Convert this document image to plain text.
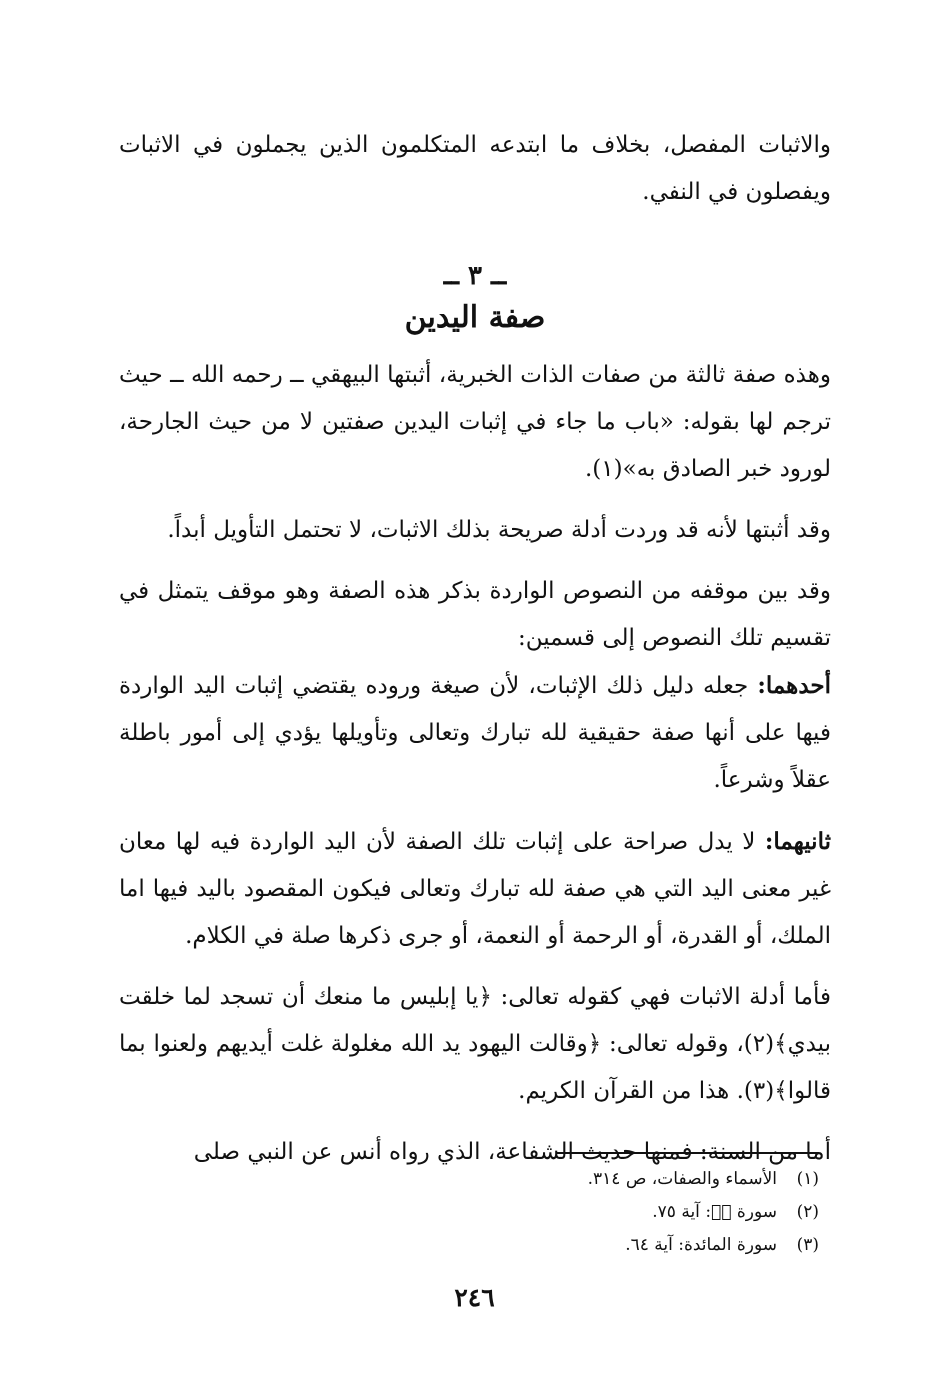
والاثبات المفصل، بخلاف ما ابتدعه المتكلمون الذين يجملون في الاثبات ويفصلون في النفي.

ــ ٣ ــ
صفة اليدين

وهذه صفة ثالثة من صفات الذات الخبرية، أثبتها البيهقي ــ رحمه الله ــ حيث ترجم لها بقوله: «باب ما جاء في إثبات اليدين صفتين لا من حيث الجارحة، لورود خبر الصادق به»(١).

وقد أثبتها لأنه قد وردت أدلة صريحة بذلك الاثبات، لا تحتمل التأويل أبداً.

وقد بين موقفه من النصوص الواردة بذكر هذه الصفة وهو موقف يتمثل في تقسيم تلك النصوص إلى قسمين:

أحدهما: جعله دليل ذلك الإثبات، لأن صيغة وروده يقتضي إثبات اليد الواردة فيها على أنها صفة حقيقية لله تبارك وتعالى وتأويلها يؤدي إلى أمور باطلة عقلاً وشرعاً.

ثانيهما: لا يدل صراحة على إثبات تلك الصفة لأن اليد الواردة فيه لها معان غير معنى اليد التي هي صفة لله تبارك وتعالى فيكون المقصود باليد فيها اما الملك، أو القدرة، أو الرحمة أو النعمة، أو جرى ذكرها صلة في الكلام.

فأما أدلة الاثبات فهي كقوله تعالى: ﴿يا إبليس ما منعك أن تسجد لما خلقت بيدي﴾(٢)، وقوله تعالى: ﴿وقالت اليهود يد الله مغلولة غلت أيديهم ولعنوا بما قالوا﴾(٣). هذا من القرآن الكريم.

أما من السنة: فمنها حديث الشفاعة، الذي رواه أنس عن النبي صلى

(١)الأسماء والصفات، ص ٣١٤.
(٢)سورة صۤ: آية ٧٥.
(٣)سورة المائدة: آية ٦٤.
٢٤٦
